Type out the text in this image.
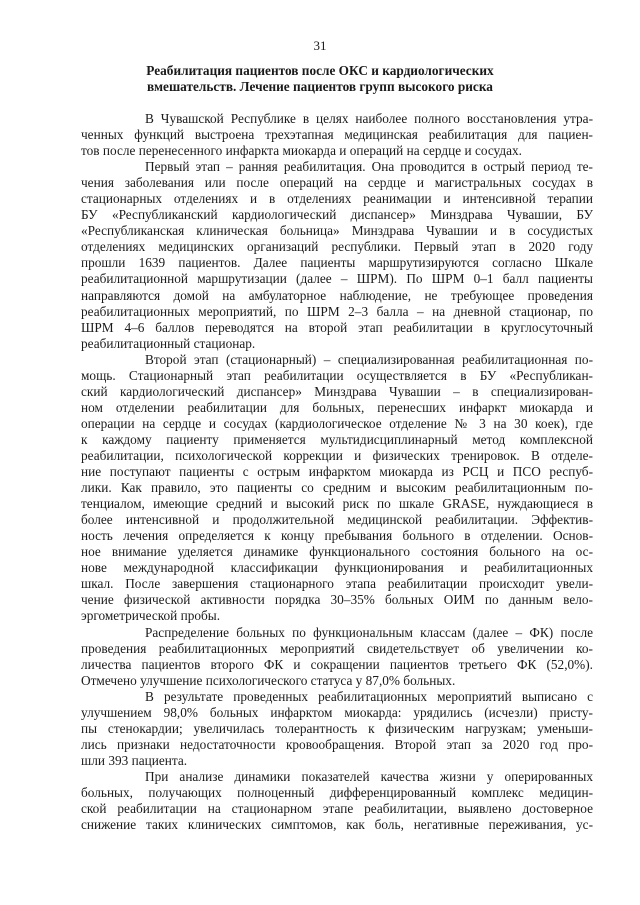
31
Реабилитация пациентов после ОКС и кардиологических
вмешательств. Лечение пациентов групп высокого риска
В Чувашской Республике в целях наиболее полного восстановления утра-
ченных функций выстроена трехэтапная медицинская реабилитация для пациен-
тов после перенесенного инфаркта миокарда и операций на сердце и сосудах.
Первый этап – ранняя реабилитация. Она проводится в острый период те-
чения заболевания или после операций на сердце и магистральных сосудах в
стационарных отделениях и в отделениях реанимации и интенсивной терапии
БУ «Республиканский кардиологический диспансер» Минздрава Чувашии, БУ
«Республиканская клиническая больница» Минздрава Чувашии и в сосудистых
отделениях медицинских организаций республики. Первый этап в 2020 году
прошли 1639 пациентов. Далее пациенты маршрутизируются согласно Шкале
реабилитационной маршрутизации (далее – ШРМ). По ШРМ 0–1 балл пациенты
направляются домой на амбулаторное наблюдение, не требующее проведения
реабилитационных мероприятий, по ШРМ 2–3 балла – на дневной стационар, по
ШРМ 4–6 баллов переводятся на второй этап реабилитации в круглосуточный
реабилитационный стационар.
Второй этап (стационарный) – специализированная реабилитационная по-
мощь. Стационарный этап реабилитации осуществляется в БУ «Республикан-
ский кардиологический диспансер» Минздрава Чувашии – в специализирован-
ном отделении реабилитации для больных, перенесших инфаркт миокарда и
операции на сердце и сосудах (кардиологическое отделение № 3 на 30 коек), где
к каждому пациенту применяется мультидисциплинарный метод комплексной
реабилитации, психологической коррекции и физических тренировок. В отделе-
ние поступают пациенты с острым инфарктом миокарда из РСЦ и ПСО респуб-
лики. Как правило, это пациенты со средним и высоким реабилитационным по-
тенциалом, имеющие средний и высокий риск по шкале GRASE, нуждающиеся в
более интенсивной и продолжительной медицинской реабилитации. Эффектив-
ность лечения определяется к концу пребывания больного в отделении. Основ-
ное внимание уделяется динамике функционального состояния больного на ос-
нове международной классификации функционирования и реабилитационных
шкал. После завершения стационарного этапа реабилитации происходит увели-
чение физической активности порядка 30–35% больных ОИМ по данным вело-
эргометрической пробы.
Распределение больных по функциональным классам (далее – ФК) после
проведения реабилитационных мероприятий свидетельствует об увеличении ко-
личества пациентов второго ФК и сокращении пациентов третьего ФК (52,0%).
Отмечено улучшение психологического статуса у 87,0% больных.
В результате проведенных реабилитационных мероприятий выписано с
улучшением 98,0% больных инфарктом миокарда: урядились (исчезли) присту-
пы стенокардии; увеличилась толерантность к физическим нагрузкам; уменьши-
лись признаки недостаточности кровообращения. Второй этап за 2020 год про-
шли 393 пациента.
При анализе динамики показателей качества жизни у оперированных
больных, получающих полноценный дифференцированный комплекс медицин-
ской реабилитации на стационарном этапе реабилитации, выявлено достоверное
снижение таких клинических симптомов, как боль, негативные переживания, ус-
